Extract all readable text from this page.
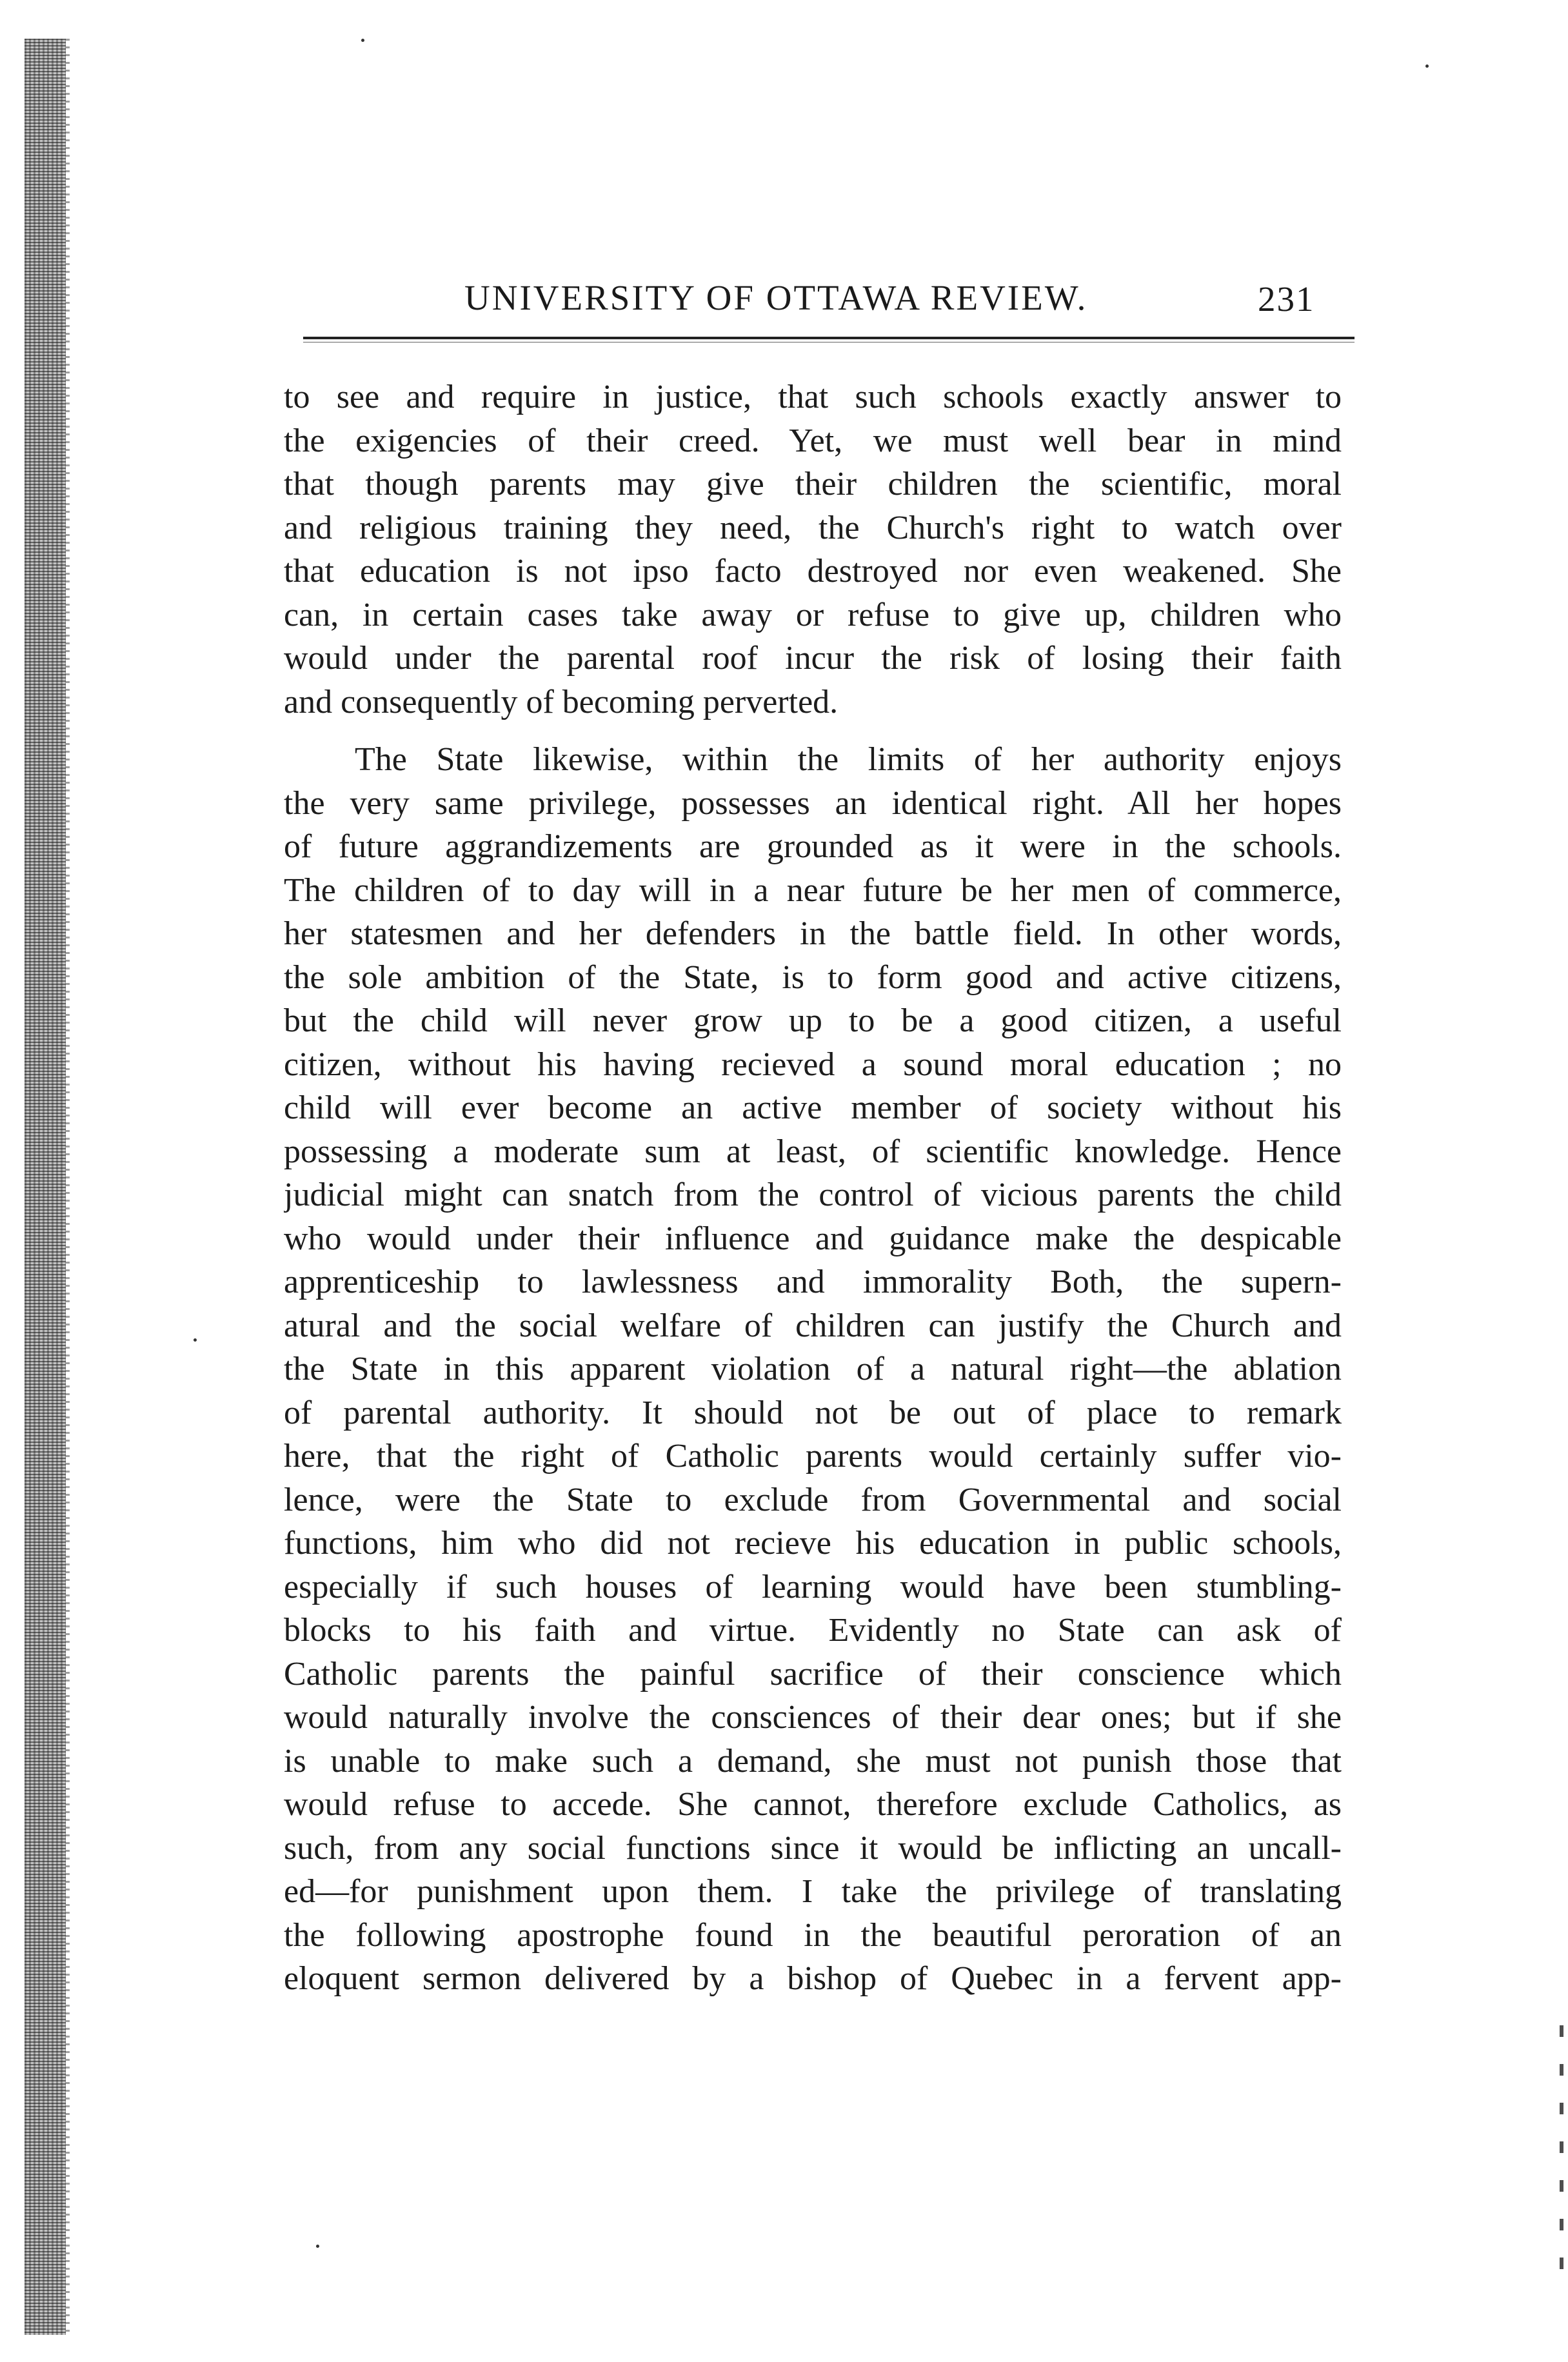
UNIVERSITY OF OTTAWA REVIEW.	231
to see and require in justice, that such schools exactly answer to
the exigencies of their creed. Yet, we must well bear in mind
that though parents may give their children the scientific, moral
and religious training they need, the Church's right to watch over
that education is not ipso facto destroyed nor even weakened. She
can, in certain cases take away or refuse to give up, children who
would under the parental roof incur the risk of losing their faith
and consequently of becoming perverted.
The State likewise, within the limits of her authority enjoys
the very same privilege, possesses an identical right. All her hopes
of future aggrandizements are grounded as it were in the schools.
The children of to day will in a near future be her men of commerce,
her statesmen and her defenders in the battle field. In other words,
the sole ambition of the State, is to form good and active citizens,
but the child will never grow up to be a good citizen, a useful
citizen, without his having recieved a sound moral education ; no
child will ever become an active member of society without his
possessing a moderate sum at least, of scientific knowledge. Hence
judicial might can snatch from the control of vicious parents the child
who would under their influence and guidance make the despicable
apprenticeship to lawlessness and immorality Both, the supern-
atural and the social welfare of children can justify the Church and
the State in this apparent violation of a natural right—the ablation
of parental authority. It should not be out of place to remark
here, that the right of Catholic parents would certainly suffer vio-
lence, were the State to exclude from Governmental and social
functions, him who did not recieve his education in public schools,
especially if such houses of learning would have been stumbling-
blocks to his faith and virtue. Evidently no State can ask of
Catholic parents the painful sacrifice of their conscience which
would naturally involve the consciences of their dear ones; but if she
is unable to make such a demand, she must not punish those that
would refuse to accede. She cannot, therefore exclude Catholics, as
such, from any social functions since it would be inflicting an uncall-
ed—for punishment upon them. I take the privilege of translating
the following apostrophe found in the beautiful peroration of an
eloquent sermon delivered by a bishop of Quebec in a fervent app-
